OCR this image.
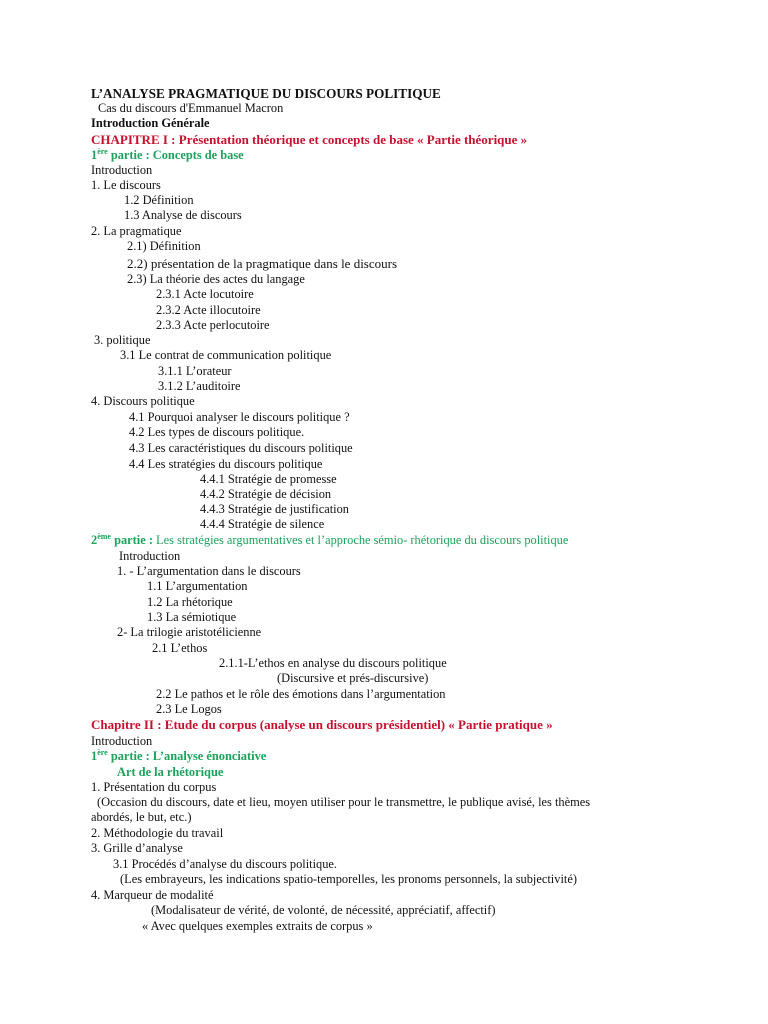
L’ANALYSE PRAGMATIQUE DU DISCOURS POLITIQUE
Cas du discours d'Emmanuel Macron
Introduction Générale
CHAPITRE I : Présentation théorique et concepts de base « Partie théorique »
1ère partie : Concepts de base
Introduction
1. Le discours
1.2 Définition
1.3 Analyse de discours
2. La pragmatique
2.1) Définition
2.2) présentation de la pragmatique dans le discours
2.3) La théorie des actes du langage
2.3.1 Acte locutoire
2.3.2 Acte illocutoire
2.3.3 Acte perlocutoire
3. politique
3.1 Le contrat de communication politique
3.1.1 L’orateur
3.1.2 L’auditoire
4. Discours politique
4.1 Pourquoi analyser le discours politique ?
4.2 Les types de discours politique.
4.3 Les caractéristiques du discours politique
4.4 Les stratégies du discours politique
4.4.1 Stratégie de promesse
4.4.2 Stratégie de décision
4.4.3 Stratégie de justification
4.4.4 Stratégie de silence
2ème partie : Les stratégies argumentatives et l’approche sémio- rhétorique du discours politique
Introduction
1. - L’argumentation dans le discours
1.1 L’argumentation
1.2 La rhétorique
1.3 La sémiotique
2- La trilogie aristotélicienne
2.1 L’ethos
2.1.1-L’ethos en analyse du discours politique
(Discursive et prés-discursive)
2.2 Le pathos et le rôle des émotions dans l’argumentation
2.3 Le Logos
Chapitre II : Etude du corpus (analyse un discours présidentiel) « Partie pratique »
Introduction
1ère partie : L’analyse énonciative
Art de la rhétorique
1. Présentation du corpus
(Occasion du discours, date et lieu, moyen utiliser pour le transmettre, le publique avisé, les thèmes
abordés, le but, etc.)
2. Méthodologie du travail
3. Grille d’analyse
3.1 Procédés d’analyse du discours politique.
(Les embrayeurs, les indications spatio-temporelles, les pronoms personnels, la subjectivité)
4. Marqueur de modalité
(Modalisateur de vérité, de volonté, de nécessité, appréciatif, affectif)
« Avec quelques exemples extraits de corpus »
